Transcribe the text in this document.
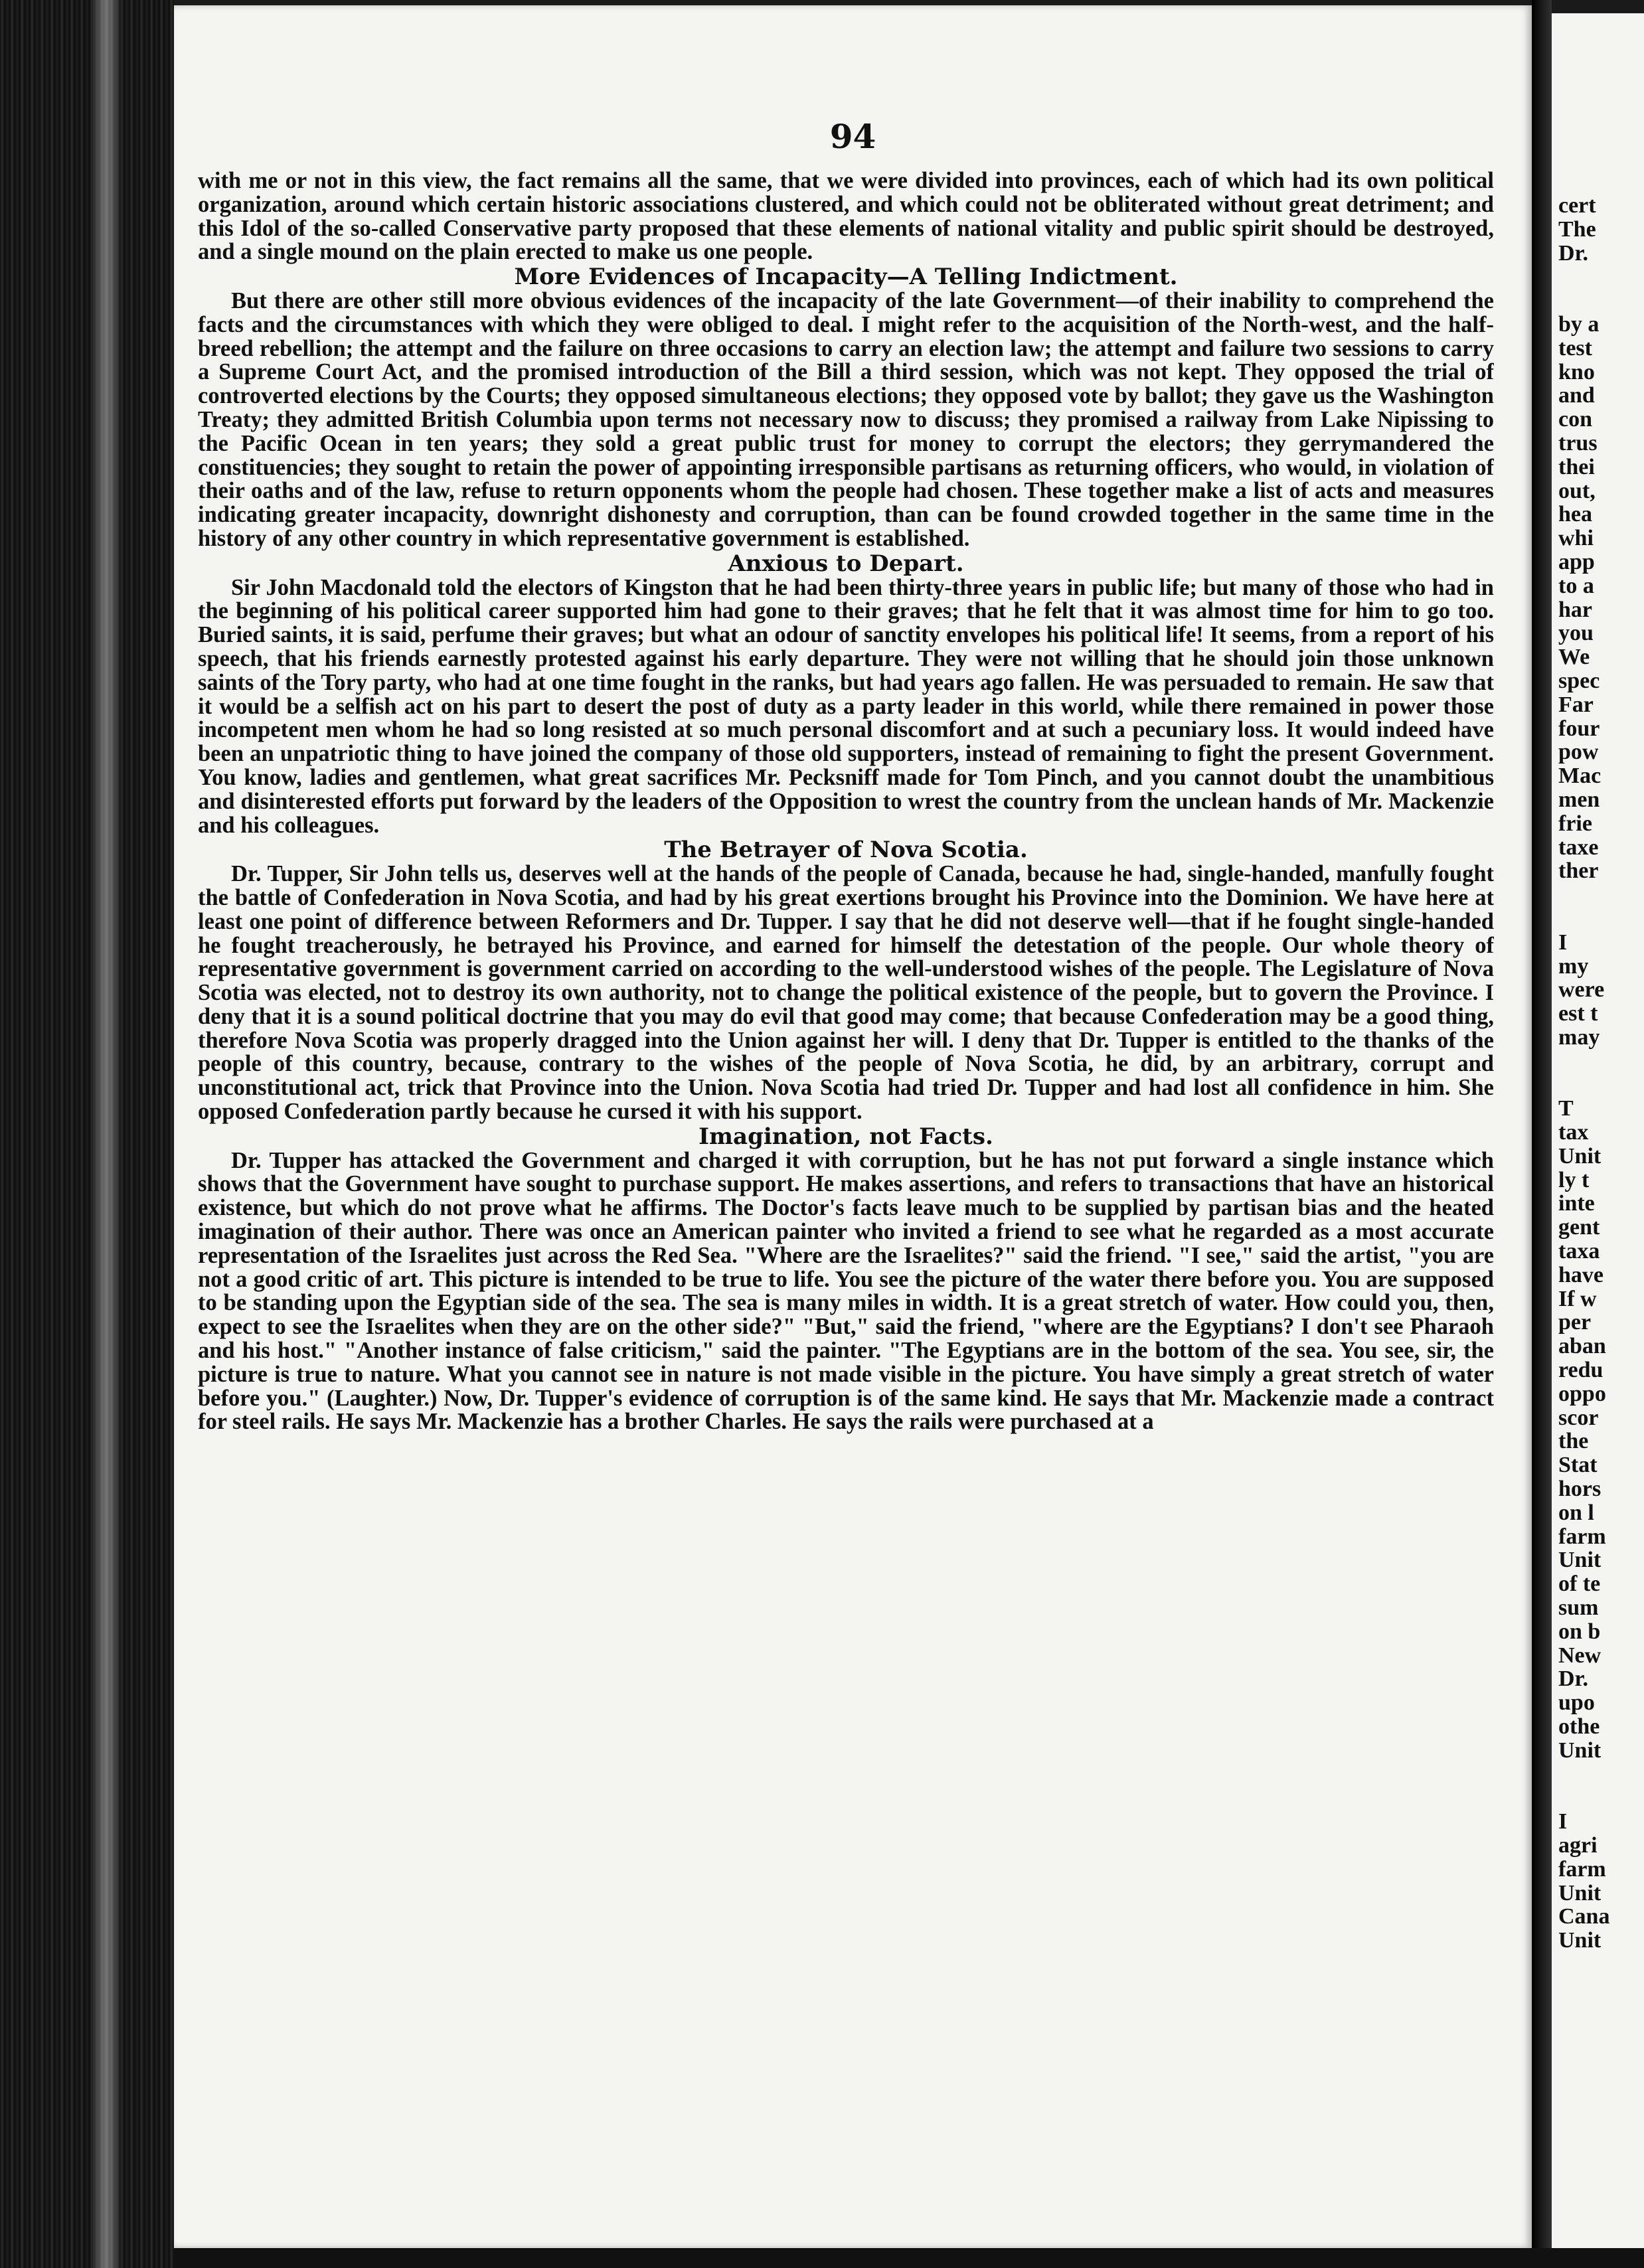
94

with me or not in this view, the fact remains all the same, that we were divided into provinces, each of which had its own political organization, around which certain historic associations clustered, and which could not be obliterated without great detriment; and this Idol of the so-called Conservative party proposed that these elements of national vitality and public spirit should be destroyed, and a single mound on the plain erected to make us one people.

More Evidences of Incapacity—A Telling Indictment.

But there are other still more obvious evidences of the incapacity of the late Government—of their inability to comprehend the facts and the circumstances with which they were obliged to deal. I might refer to the acquisition of the North-west, and the half-breed rebellion; the attempt and the failure on three occasions to carry an election law; the attempt and failure two sessions to carry a Supreme Court Act, and the promised introduction of the Bill a third session, which was not kept. They opposed the trial of controverted elections by the Courts; they opposed simultaneous elections; they opposed vote by ballot; they gave us the Washington Treaty; they admitted British Columbia upon terms not necessary now to discuss; they promised a railway from Lake Nipissing to the Pacific Ocean in ten years; they sold a great public trust for money to corrupt the electors; they gerrymandered the constituencies; they sought to retain the power of appointing irresponsible partisans as returning officers, who would, in violation of their oaths and of the law, refuse to return opponents whom the people had chosen. These together make a list of acts and measures indicating greater incapacity, downright dishonesty and corruption, than can be found crowded together in the same time in the history of any other country in which representative government is established.

Anxious to Depart.

Sir John Macdonald told the electors of Kingston that he had been thirty-three years in public life; but many of those who had in the beginning of his political career supported him had gone to their graves; that he felt that it was almost time for him to go too. Buried saints, it is said, perfume their graves; but what an odour of sanctity envelopes his political life! It seems, from a report of his speech, that his friends earnestly protested against his early departure. They were not willing that he should join those unknown saints of the Tory party, who had at one time fought in the ranks, but had years ago fallen. He was persuaded to remain. He saw that it would be a selfish act on his part to desert the post of duty as a party leader in this world, while there remained in power those incompetent men whom he had so long resisted at so much personal discomfort and at such a pecuniary loss. It would indeed have been an unpatriotic thing to have joined the company of those old supporters, instead of remaining to fight the present Government. You know, ladies and gentlemen, what great sacrifices Mr. Pecksniff made for Tom Pinch, and you cannot doubt the unambitious and disinterested efforts put forward by the leaders of the Opposition to wrest the country from the unclean hands of Mr. Mackenzie and his colleagues.

The Betrayer of Nova Scotia.

Dr. Tupper, Sir John tells us, deserves well at the hands of the people of Canada, because he had, single-handed, manfully fought the battle of Confederation in Nova Scotia, and had by his great exertions brought his Province into the Dominion. We have here at least one point of difference between Reformers and Dr. Tupper. I say that he did not deserve well—that if he fought single-handed he fought treacherously, he betrayed his Province, and earned for himself the detestation of the people. Our whole theory of representative government is government carried on according to the well-understood wishes of the people. The Legislature of Nova Scotia was elected, not to destroy its own authority, not to change the political existence of the people, but to govern the Province. I deny that it is a sound political doctrine that you may do evil that good may come; that because Confederation may be a good thing, therefore Nova Scotia was properly dragged into the Union against her will. I deny that Dr. Tupper is entitled to the thanks of the people of this country, because, contrary to the wishes of the people of Nova Scotia, he did, by an arbitrary, corrupt and unconstitutional act, trick that Province into the Union. Nova Scotia had tried Dr. Tupper and had lost all confidence in him. She opposed Confederation partly because he cursed it with his support.

Imagination, not Facts.

Dr. Tupper has attacked the Government and charged it with corruption, but he has not put forward a single instance which shows that the Government have sought to purchase support. He makes assertions, and refers to transactions that have an historical existence, but which do not prove what he affirms. The Doctor's facts leave much to be supplied by partisan bias and the heated imagination of their author. There was once an American painter who invited a friend to see what he regarded as a most accurate representation of the Israelites just across the Red Sea. "Where are the Israelites?" said the friend. "I see," said the artist, "you are not a good critic of art. This picture is intended to be true to life. You see the picture of the water there before you. You are supposed to be standing upon the Egyptian side of the sea. The sea is many miles in width. It is a great stretch of water. How could you, then, expect to see the Israelites when they are on the other side?" "But," said the friend, "where are the Egyptians? I don't see Pharaoh and his host." "Another instance of false criticism," said the painter. "The Egyptians are in the bottom of the sea. You see, sir, the picture is true to nature. What you cannot see in nature is not made visible in the picture. You have simply a great stretch of water before you." (Laughter.) Now, Dr. Tupper's evidence of corruption is of the same kind. He says that Mr. Mackenzie made a contract for steel rails. He says Mr. Mackenzie has a brother Charles. He says the rails were purchased at a

cert
The
Dr.
by a
test
kno
and
con
trus
thei
out,
hea
whi
app
to a
har
you
We
spec
Far
four
pow
Mac
men
frie
taxe
ther
I
my
were
est t
may
T
tax
Unit
ly t
inte
gent
taxa
have
If w
per
aban
redu
oppo
scor
the
Stat
hors
on l
farm
Unit
of te
sum
on b
New
Dr.
upo
othe
Unit
I
agri
farm
Unit
Cana
Unit
